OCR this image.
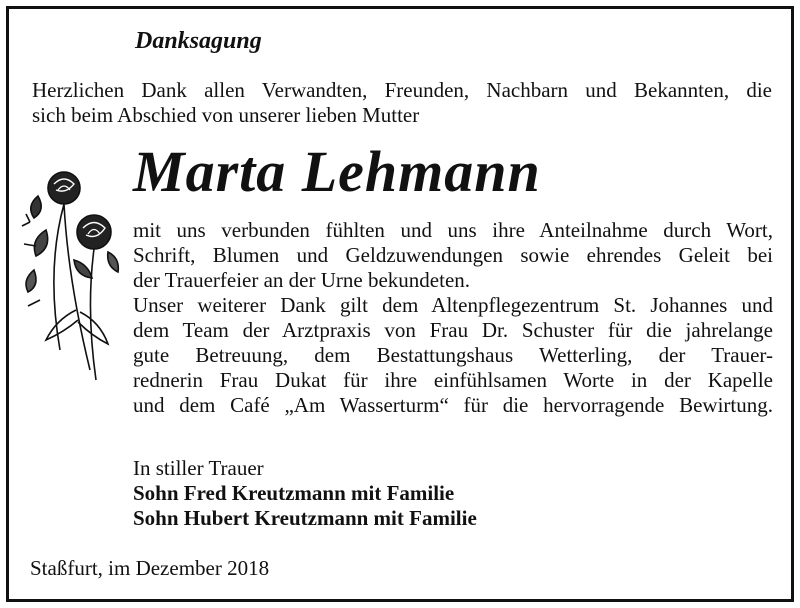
Danksagung
Herzlichen Dank allen Verwandten, Freunden, Nachbarn und Bekannten, die
sich beim Abschied von unserer lieben Mutter
Marta Lehmann
mit uns verbunden fühlten und uns ihre Anteilnahme durch Wort,
Schrift, Blumen und Geldzuwendungen sowie ehrendes Geleit bei
der Trauerfeier an der Urne bekundeten.
Unser weiterer Dank gilt dem Altenpflegezentrum St. Johannes und
dem Team der Arztpraxis von Frau Dr. Schuster für die jahrelange
gute Betreuung, dem Bestattungshaus Wetterling, der Trauer-
rednerin Frau Dukat für ihre einfühlsamen Worte in der Kapelle
und dem Café „Am Wasserturm“ für die hervorragende Bewirtung.
In stiller Trauer
Sohn Fred Kreutzmann mit Familie
Sohn Hubert Kreutzmann mit Familie
Staßfurt, im Dezember 2018
